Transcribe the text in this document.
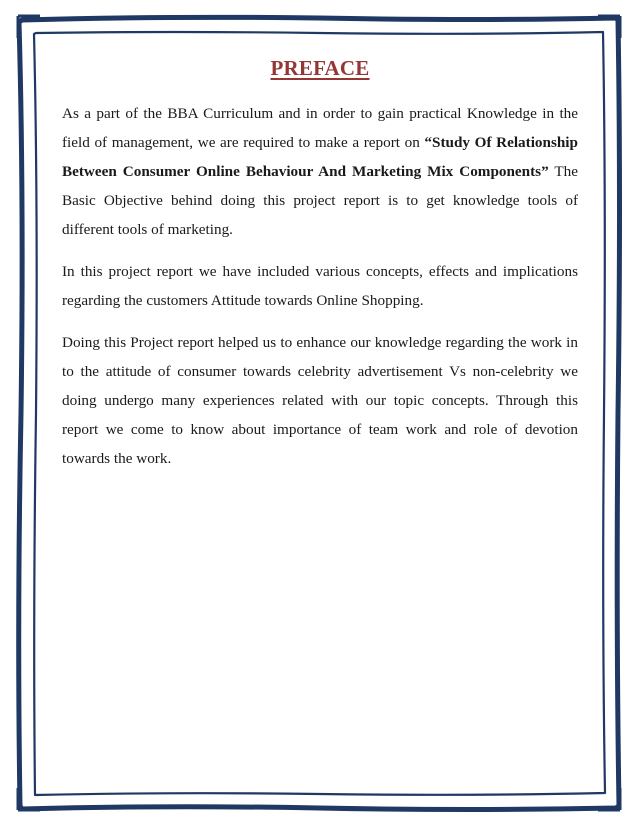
PREFACE

As a part of the BBA Curriculum and in order to gain practical Knowledge in the field of management, we are required to make a report on “Study Of Relationship Between Consumer Online Behaviour And Marketing Mix Components” The Basic Objective behind doing this project report is to get knowledge tools of different tools of marketing.

In this project report we have included various concepts, effects and implications regarding the customers Attitude towards Online Shopping.

Doing this Project report helped us to enhance our knowledge regarding the work in to the attitude of consumer towards celebrity advertisement Vs non-celebrity we doing undergo many experiences related with our topic concepts. Through this report we come to know about importance of team work and role of devotion towards the work.
